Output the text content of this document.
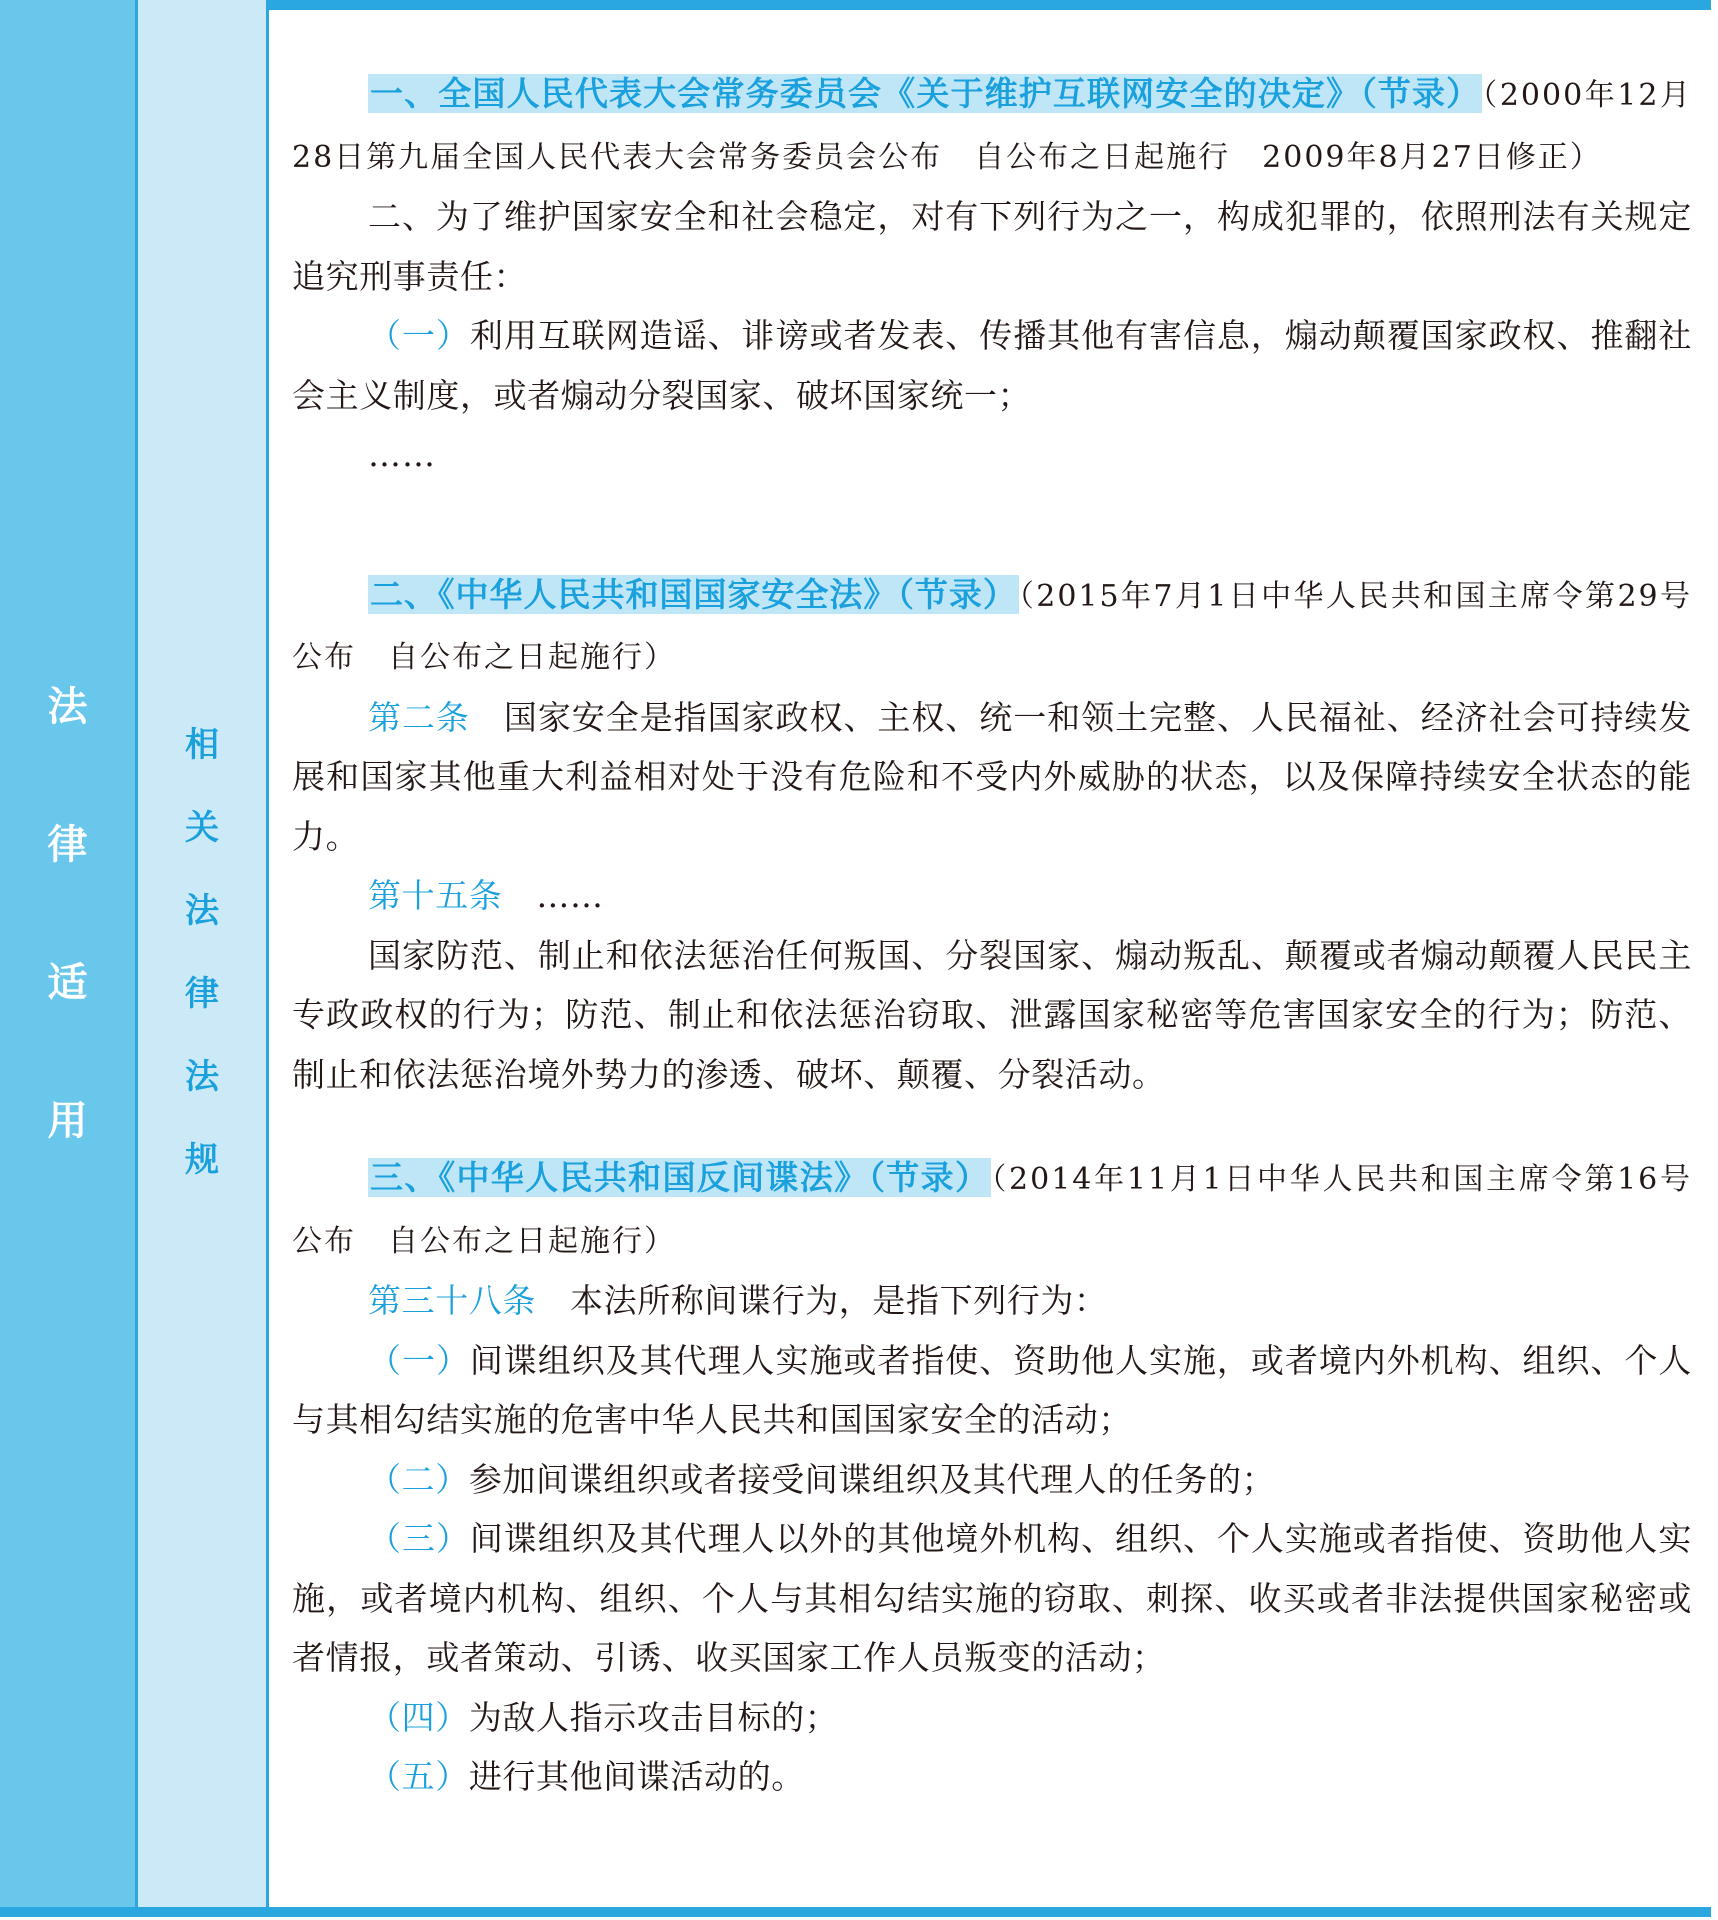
法
律
适
用
相
关
法
律
法
规

一、全国人民代表大会常务委员会《关于维护互联网安全的决定》（节录）（2000年12月28日第九届全国人民代表大会常务委员会公布　自公布之日起施行　2009年8月27日修正）

二、为了维护国家安全和社会稳定，对有下列行为之一，构成犯罪的，依照刑法有关规定追究刑事责任：

（一）利用互联网造谣、诽谤或者发表、传播其他有害信息，煽动颠覆国家政权、推翻社会主义制度，或者煽动分裂国家、破坏国家统一；

……

二、《中华人民共和国国家安全法》（节录）（2015年7月1日中华人民共和国主席令第29号公布　自公布之日起施行）

第二条 国家安全是指国家政权、主权、统一和领土完整、人民福祉、经济社会可持续发展和国家其他重大利益相对处于没有危险和不受内外威胁的状态，以及保障持续安全状态的能力。

第十五条 ……

国家防范、制止和依法惩治任何叛国、分裂国家、煽动叛乱、颠覆或者煽动颠覆人民民主专政政权的行为；防范、制止和依法惩治窃取、泄露国家秘密等危害国家安全的行为；防范、制止和依法惩治境外势力的渗透、破坏、颠覆、分裂活动。

三、《中华人民共和国反间谍法》（节录）（2014年11月1日中华人民共和国主席令第16号公布　自公布之日起施行）

第三十八条 本法所称间谍行为，是指下列行为：

（一）间谍组织及其代理人实施或者指使、资助他人实施，或者境内外机构、组织、个人与其相勾结实施的危害中华人民共和国国家安全的活动；

（二）参加间谍组织或者接受间谍组织及其代理人的任务的；

（三）间谍组织及其代理人以外的其他境外机构、组织、个人实施或者指使、资助他人实施，或者境内机构、组织、个人与其相勾结实施的窃取、刺探、收买或者非法提供国家秘密或者情报，或者策动、引诱、收买国家工作人员叛变的活动；

（四）为敌人指示攻击目标的；

（五）进行其他间谍活动的。
